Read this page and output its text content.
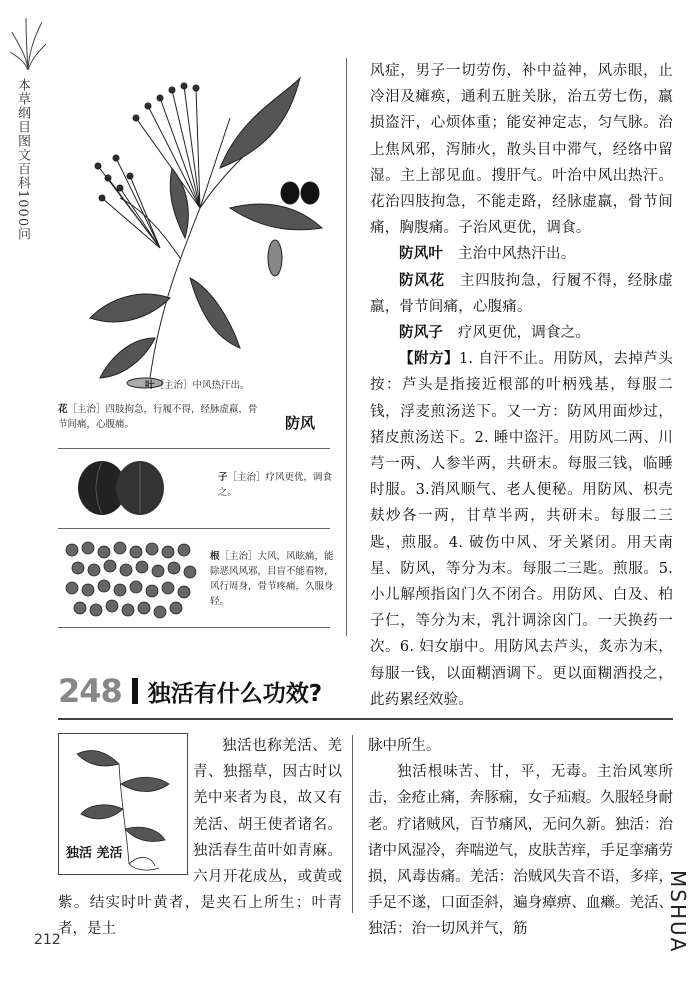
本草纲目图文百科1000问
叶［主治］中风热汗出。
花［主治］四肢拘急，行履不得，经脉虚羸，骨节间痛，心腹痛。	防风
子［主治］疗风更优，调食之。
根［主治］大风，风眩痛，能除恶风风邪，目盲不能看物，风行周身，骨节疼痛，久服身轻。

风症，男子一切劳伤，补中益神，风赤眼，止冷泪及瘫痪，通利五脏关脉，治五劳七伤，羸损盗汗，心烦体重；能安神定志，匀气脉。治上焦风邪，泻肺火，散头目中滞气，经络中留湿。主上部见血。搜肝气。叶治中风出热汗。花治四肢拘急，不能走路，经脉虚羸，骨节间痛，胸腹痛。子治风更优，调食。

防风叶　 主治中风热汗出。

防风花　 主四肢拘急，行履不得，经脉虚羸，骨节间痛，心腹痛。

防风子　 疗风更优，调食之。

【附方】1. 自汗不止。用防风，去掉芦头按：芦头是指接近根部的叶柄残基，每服二钱，浮麦煎汤送下。又一方：防风用面炒过，猪皮煎汤送下。2. 睡中盗汗。用防风二两、川芎一两、人参半两，共研末。每服三钱，临睡时服。3.消风顺气、老人便秘。用防风、枳壳麸炒各一两，甘草半两，共研末。每服二三匙，煎服。4. 破伤中风、牙关紧闭。用天南星、防风，等分为末。每服二三匙。煎服。5. 小儿解颅指囟门久不闭合。用防风、白及、柏子仁，等分为末，乳汁调涂囟门。一天换药一次。6. 妇女崩中。用防风去芦头，炙赤为末，每服一钱，以面糊酒调下。更以面糊酒投之，此药累经效验。

248 独活有什么功效?

独活也称羌活、羌青、独摇草，因古时以羌中来者为良，故又有羌活、胡王使者诸名。独活春生苗叶如青麻。六月开花成丛，或黄或紫。结实时叶黄者，是夹石上所生；叶青者，是土

独活 羌活

脉中所生。

独活根味苦、甘，平，无毒。主治风寒所击，金疮止痛，奔豚痫，女子疝瘕。久服轻身耐老。疗诸贼风，百节痛风，无问久新。独活：治诸中风湿冷，奔喘逆气，皮肤苦痒，手足挛痛劳损，风毒齿痛。羌活：治贼风失音不语，多痒，手足不遂，口面歪斜，遍身瘴痹、血癞。羌活、独活：治一切风并气，筋

212	MSHUA
